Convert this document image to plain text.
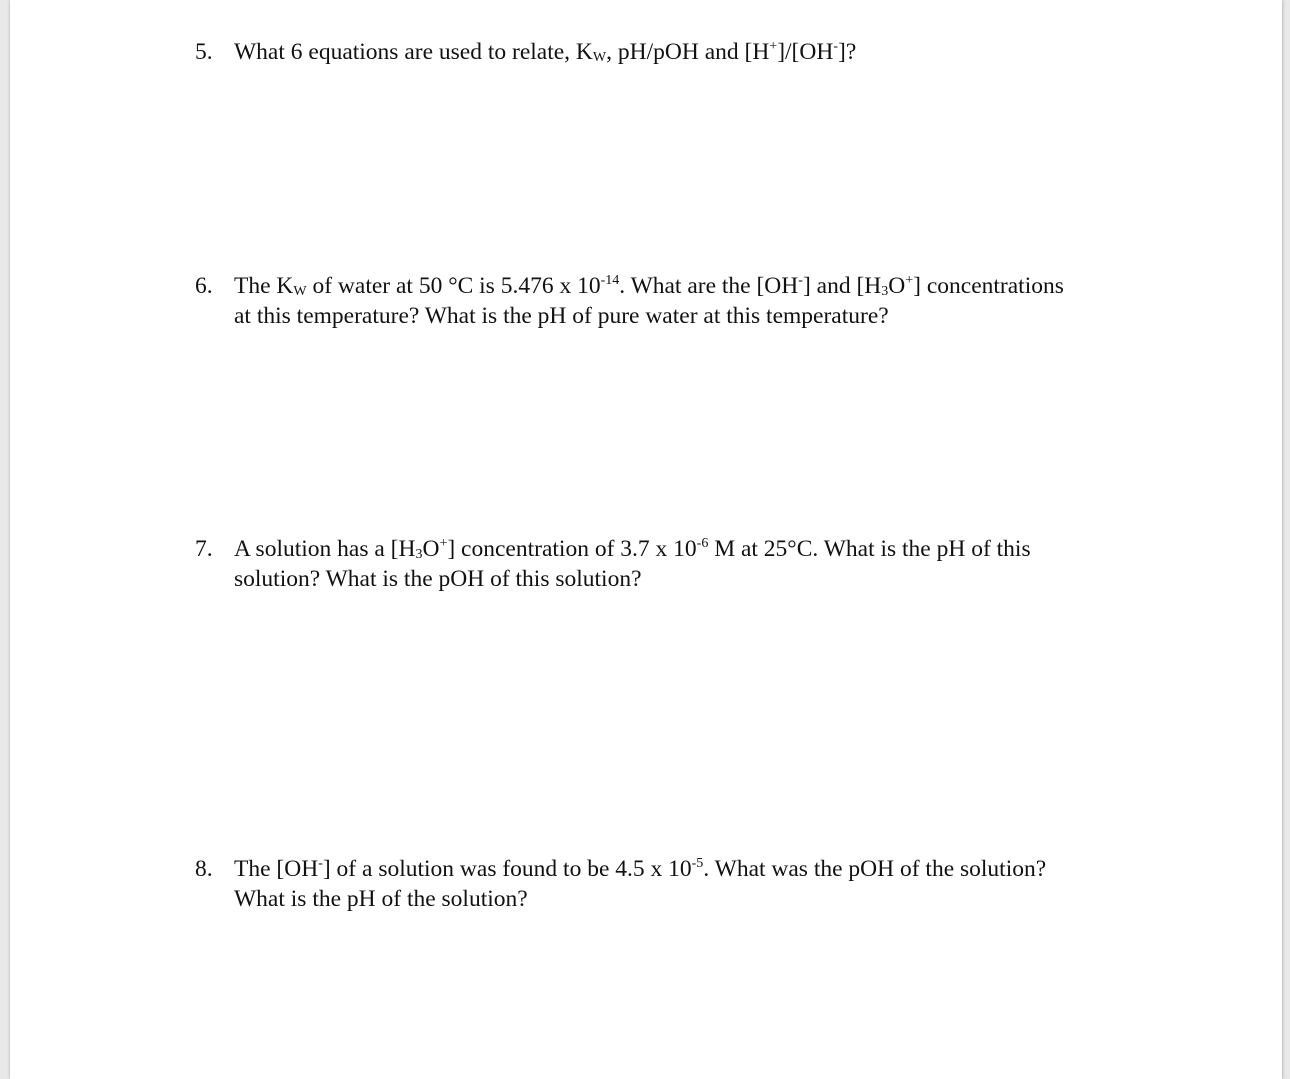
5. What 6 equations are used to relate, $K_W$, pH/pOH and [H+]/[OH-]?
6. The $K_W$ of water at 50 °C is 5.476 x $10^{-14}$. What are the [OH-] and $[H_3O^+]$ concentrations
at this temperature? What is the pH of pure water at this temperature?
7. A solution has a $[H_3O^+]$ concentration of 3.7 x $10^{-6}$ M at 25°C. What is the pH of this
solution? What is the pOH of this solution?
8. The [OH-] of a solution was found to be 4.5 x $10^{-5}$. What was the pOH of the solution?
What is the pH of the solution?
